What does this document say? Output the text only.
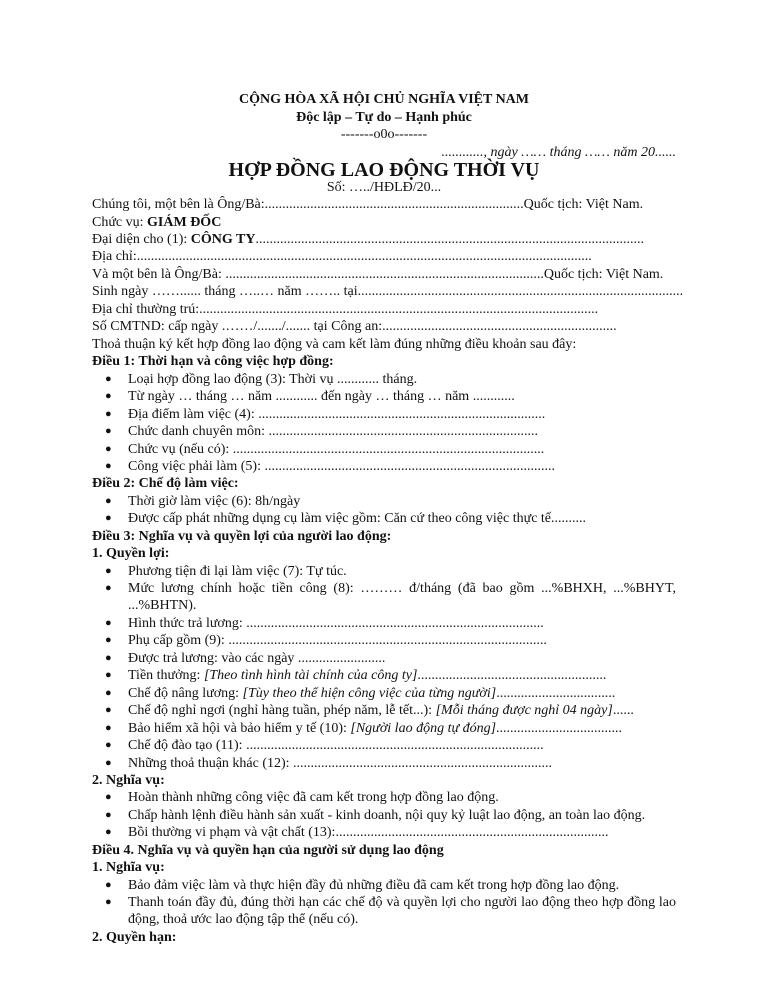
CỘNG HÒA XÃ HỘI CHỦ NGHĨA VIỆT NAM
Độc lập – Tự do – Hạnh phúc
-------o0o-------
............, ngày …… tháng …… năm 20......
HỢP ĐỒNG LAO ĐỘNG THỜI VỤ
Số: …../HĐLĐ/20...
Chúng tôi, một bên là Ông/Bà:..........................................................................Quốc tịch: Việt Nam.
Chức vụ: GIÁM ĐỐC
Đại diện cho (1): CÔNG TY...............................................................................................................
Địa chỉ:..................................................................................................................................
Và một bên là Ông/Bà: ...........................................................................................Quốc tịch: Việt Nam.
Sinh ngày ……...... tháng …..… năm …….. tại.............................................................................................
Địa chỉ thường trú:..................................................................................................................
Số CMTND: cấp ngày .……/......./....... tại Công an:...................................................................
Thoả thuận ký kết hợp đồng lao động và cam kết làm đúng những điều khoản sau đây:
Điều 1: Thời hạn và công việc hợp đồng:
● Loại hợp đồng lao động (3): Thời vụ ............ tháng.
● Từ ngày … tháng … năm ............ đến ngày … tháng … năm ............
● Địa điểm làm việc (4): ..................................................................................
● Chức danh chuyên môn: .............................................................................
● Chức vụ (nếu có): .........................................................................................
● Công việc phải làm (5): ...................................................................................
Điều 2: Chế độ làm việc:
● Thời giờ làm việc (6): 8h/ngày
● Được cấp phát những dụng cụ làm việc gồm: Căn cứ theo công việc thực tế..........
Điều 3: Nghĩa vụ và quyền lợi của người lao động:
1. Quyền lợi:
● Phương tiện đi lại làm việc (7): Tự túc.
● Mức lương chính hoặc tiền công (8): ……… đ/tháng (đã bao gồm ...%BHXH, ...%BHYT,
...%BHTN).
● Hình thức trả lương: .....................................................................................
● Phụ cấp gồm (9): ...........................................................................................
● Được trả lương: vào các ngày .........................
● Tiền thưởng: [Theo tình hình tài chính của công ty]......................................................
● Chế độ nâng lương: [Tùy theo thể hiện công việc của từng người]..................................
● Chế độ nghỉ ngơi (nghỉ hàng tuần, phép năm, lễ tết...): [Mỗi tháng được nghỉ 04 ngày]......
● Bảo hiểm xã hội và bảo hiểm y tế (10): [Người lao động tự đóng]....................................
● Chế độ đào tạo (11): .....................................................................................
● Những thoả thuận khác (12): ..........................................................................
2. Nghĩa vụ:
● Hoàn thành những công việc đã cam kết trong hợp đồng lao động.
● Chấp hành lệnh điều hành sản xuất - kinh doanh, nội quy kỷ luật lao động, an toàn lao động.
● Bồi thường vi phạm và vật chất (13):..............................................................................
Điều 4. Nghĩa vụ và quyền hạn của người sử dụng lao động
1. Nghĩa vụ:
● Bảo đảm việc làm và thực hiện đầy đủ những điều đã cam kết trong hợp đồng lao động.
● Thanh toán đầy đủ, đúng thời hạn các chế độ và quyền lợi cho người lao động theo hợp đồng lao
động, thoả ước lao động tập thể (nếu có).
2. Quyền hạn:
